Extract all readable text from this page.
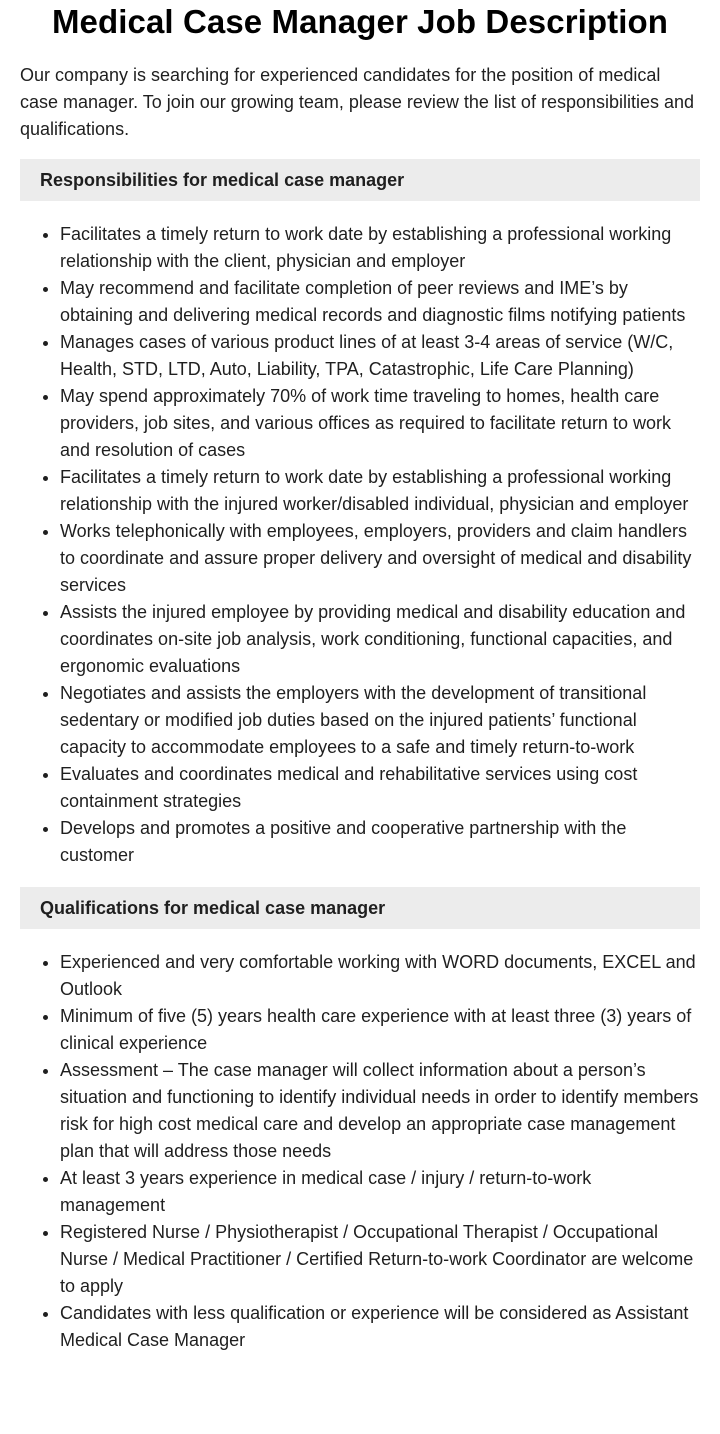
Medical Case Manager Job Description

Our company is searching for experienced candidates for the position of medical case manager. To join our growing team, please review the list of responsibilities and qualifications.

Responsibilities for medical case manager
• Facilitates a timely return to work date by establishing a professional working relationship with the client, physician and employer
• May recommend and facilitate completion of peer reviews and IME’s by obtaining and delivering medical records and diagnostic films notifying patients
• Manages cases of various product lines of at least 3-4 areas of service (W/C, Health, STD, LTD, Auto, Liability, TPA, Catastrophic, Life Care Planning)
• May spend approximately 70% of work time traveling to homes, health care providers, job sites, and various offices as required to facilitate return to work and resolution of cases
• Facilitates a timely return to work date by establishing a professional working relationship with the injured worker/disabled individual, physician and employer
• Works telephonically with employees, employers, providers and claim handlers to coordinate and assure proper delivery and oversight of medical and disability services
• Assists the injured employee by providing medical and disability education and coordinates on-site job analysis, work conditioning, functional capacities, and ergonomic evaluations
• Negotiates and assists the employers with the development of transitional sedentary or modified job duties based on the injured patients’ functional capacity to accommodate employees to a safe and timely return-to-work
• Evaluates and coordinates medical and rehabilitative services using cost containment strategies
• Develops and promotes a positive and cooperative partnership with the customer
Qualifications for medical case manager
• Experienced and very comfortable working with WORD documents, EXCEL and Outlook
• Minimum of five (5) years health care experience with at least three (3) years of clinical experience
• Assessment – The case manager will collect information about a person’s situation and functioning to identify individual needs in order to identify members risk for high cost medical care and develop an appropriate case management plan that will address those needs
• At least 3 years experience in medical case / injury / return-to-work management
• Registered Nurse / Physiotherapist / Occupational Therapist / Occupational Nurse / Medical Practitioner / Certified Return-to-work Coordinator are welcome to apply
• Candidates with less qualification or experience will be considered as Assistant Medical Case Manager
